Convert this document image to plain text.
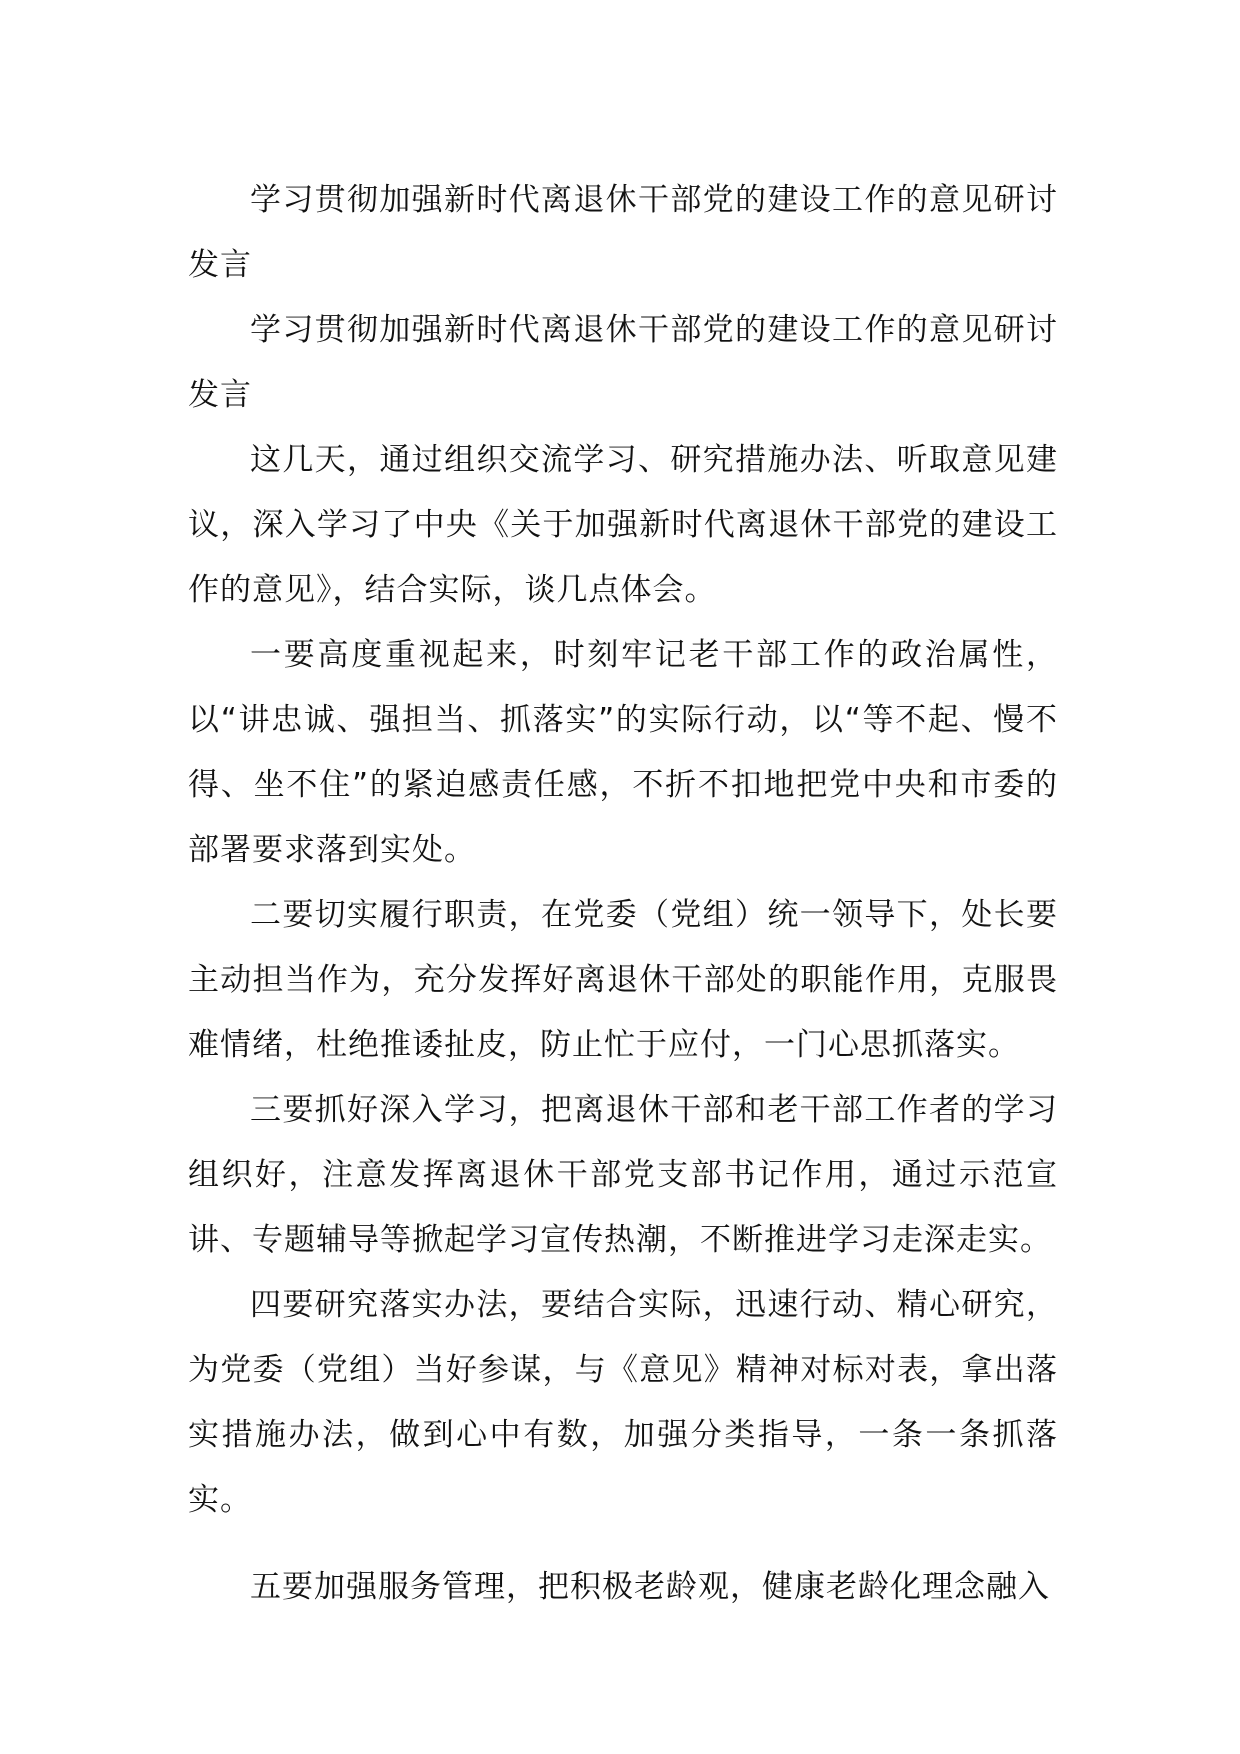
学习贯彻加强新时代离退休干部党的建设工作的意见研讨发言

学习贯彻加强新时代离退休干部党的建设工作的意见研讨发言

这几天，通过组织交流学习、研究措施办法、听取意见建议，深入学习了中央《关于加强新时代离退休干部党的建设工作的意见》，结合实际，谈几点体会。

一要高度重视起来，时刻牢记老干部工作的政治属性，以“讲忠诚、强担当、抓落实”的实际行动，以“等不起、慢不得、坐不住”的紧迫感责任感，不折不扣地把党中央和市委的部署要求落到实处。

二要切实履行职责，在党委（党组）统一领导下，处长要主动担当作为，充分发挥好离退休干部处的职能作用，克服畏难情绪，杜绝推诿扯皮，防止忙于应付，一门心思抓落实。

三要抓好深入学习，把离退休干部和老干部工作者的学习组织好，注意发挥离退休干部党支部书记作用，通过示范宣讲、专题辅导等掀起学习宣传热潮，不断推进学习走深走实。

四要研究落实办法，要结合实际，迅速行动、精心研究，为党委（党组）当好参谋，与《意见》精神对标对表，拿出落实措施办法，做到心中有数，加强分类指导，一条一条抓落实。

五要加强服务管理，把积极老龄观，健康老龄化理念融入
